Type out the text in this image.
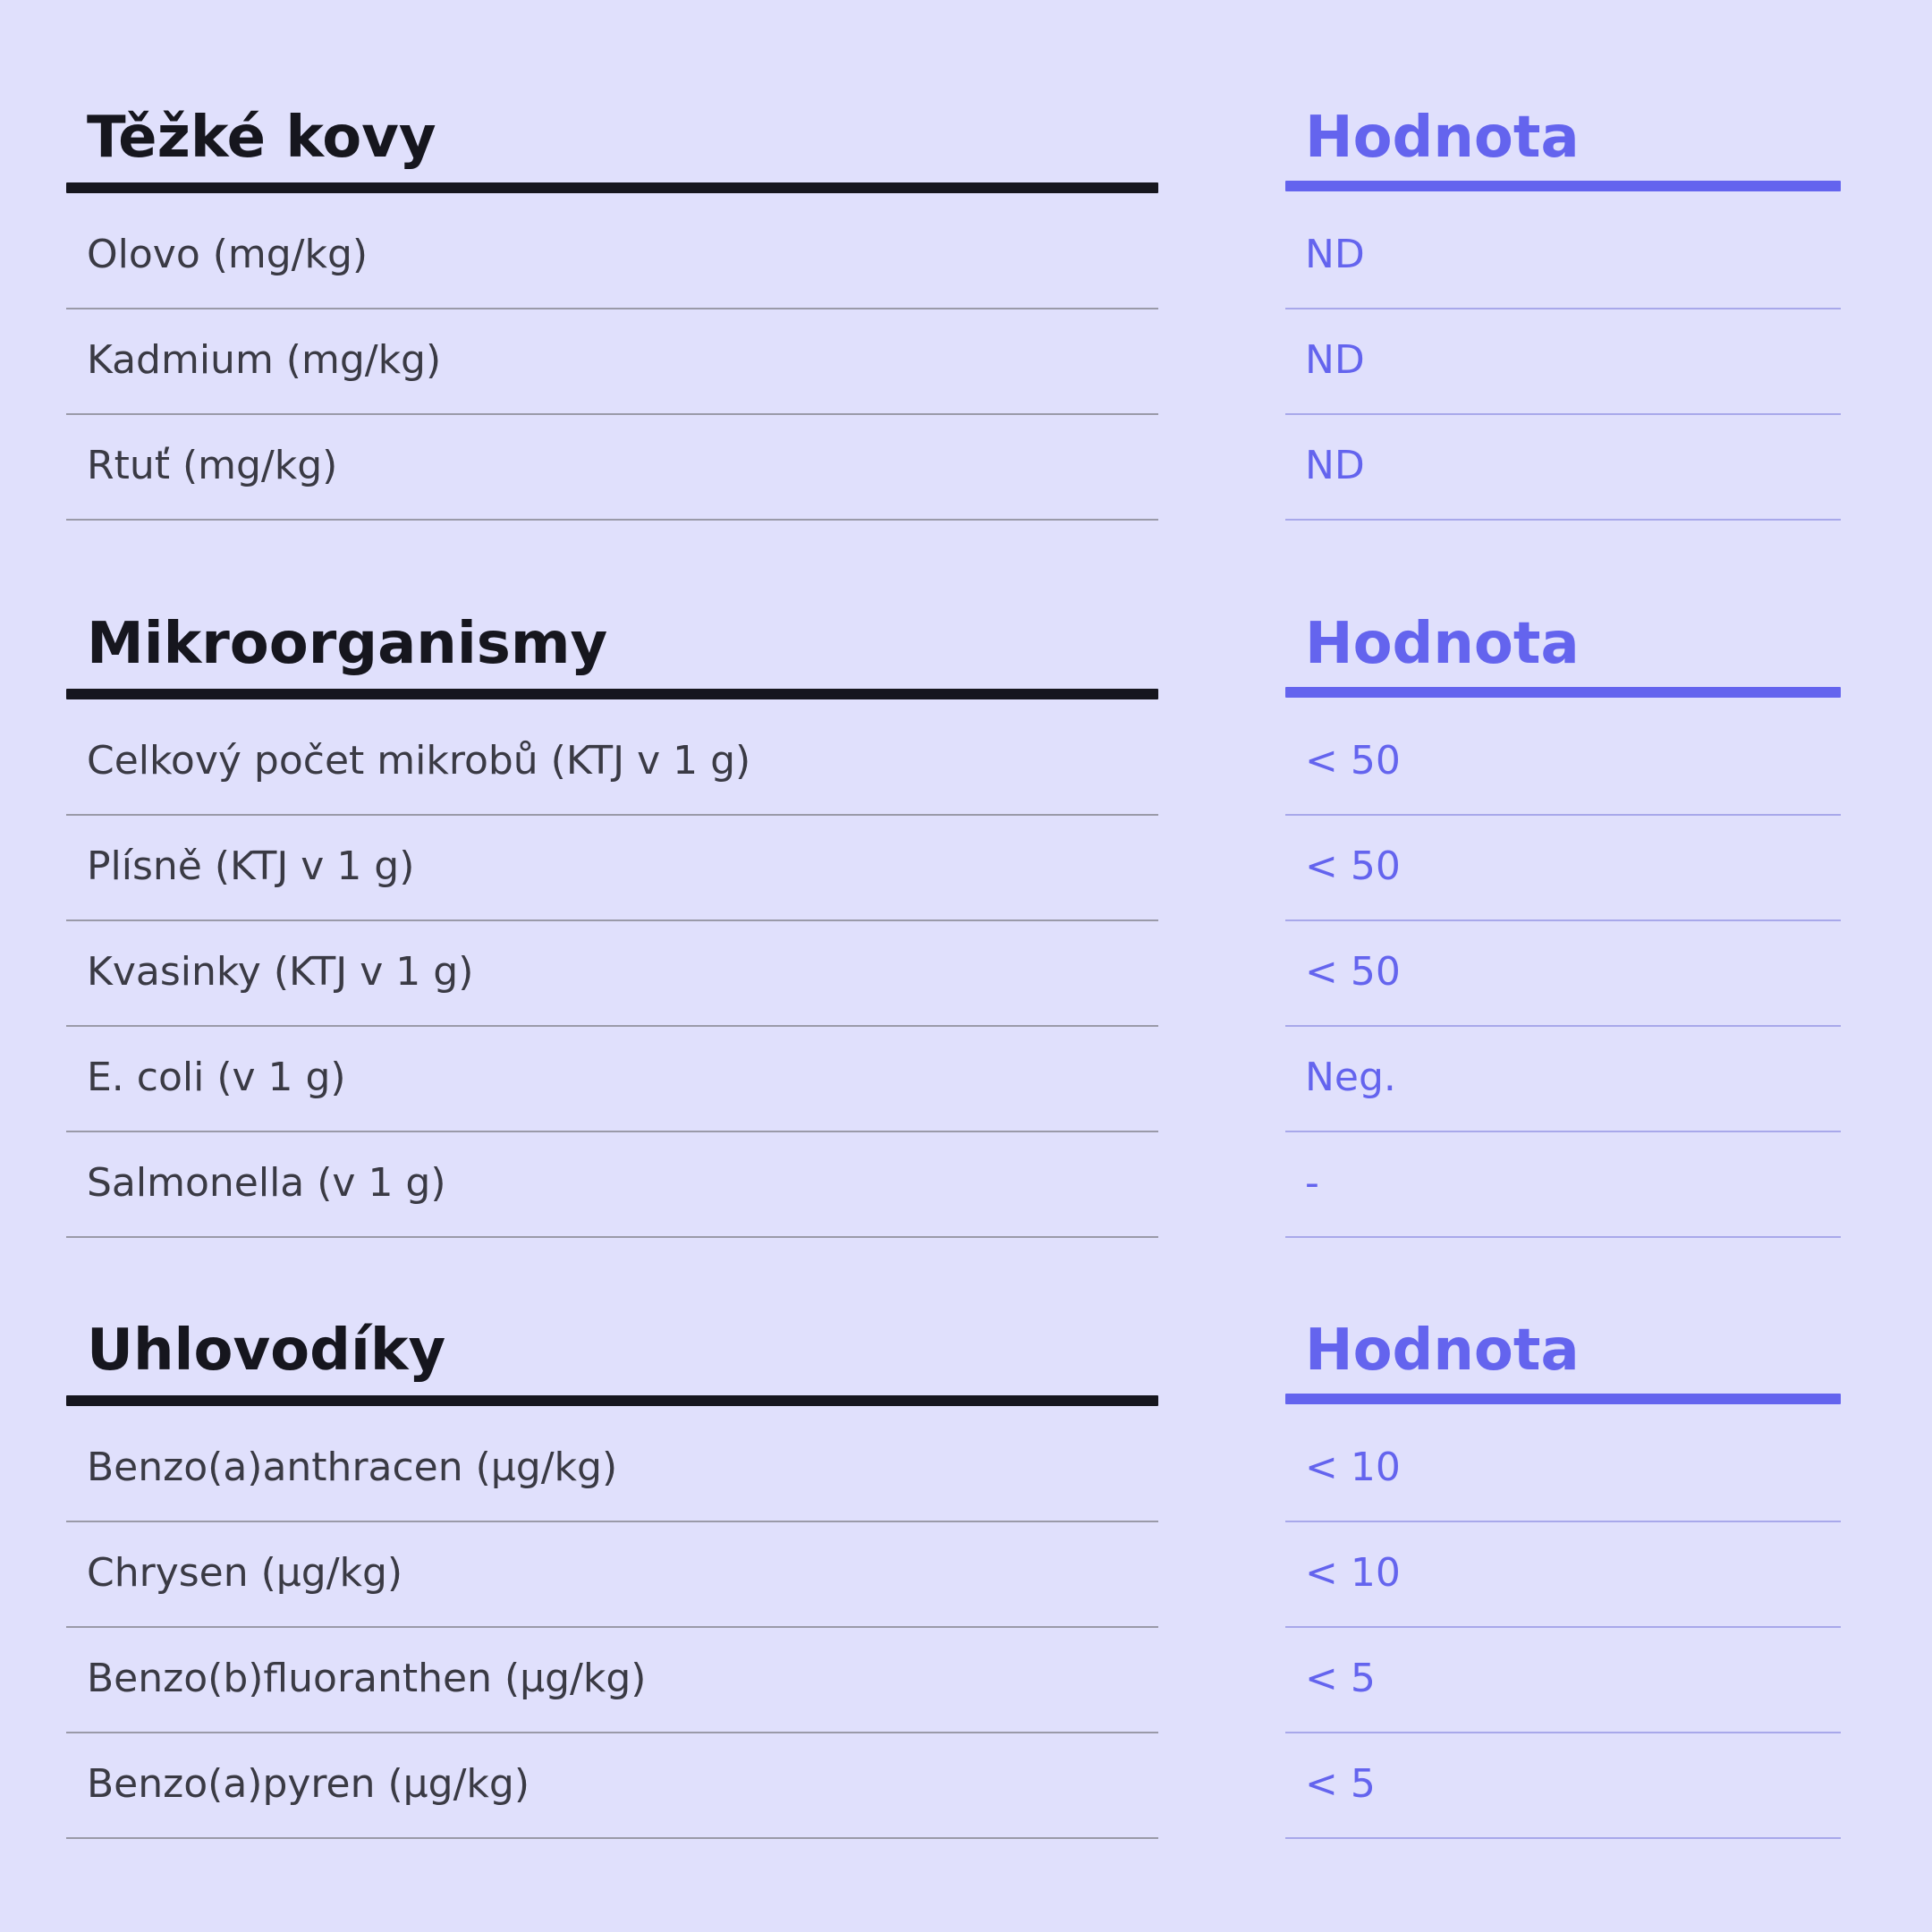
Těžké kovy	Hodnota
Olovo (mg/kg)	ND
Kadmium (mg/kg)	ND
Rtuť (mg/kg)	ND
Mikroorganismy	Hodnota
Celkový počet mikrobů (KTJ v 1 g)	< 50
Plísně (KTJ v 1 g)	< 50
Kvasinky (KTJ v 1 g)	< 50
E. coli (v 1 g)	Neg.
Salmonella (v 1 g)	-
Uhlovodíky	Hodnota
Benzo(a)anthracen (µg/kg)	< 10
Chrysen (µg/kg)	< 10
Benzo(b)fluoranthen (µg/kg)	< 5
Benzo(a)pyren (µg/kg)	< 5
